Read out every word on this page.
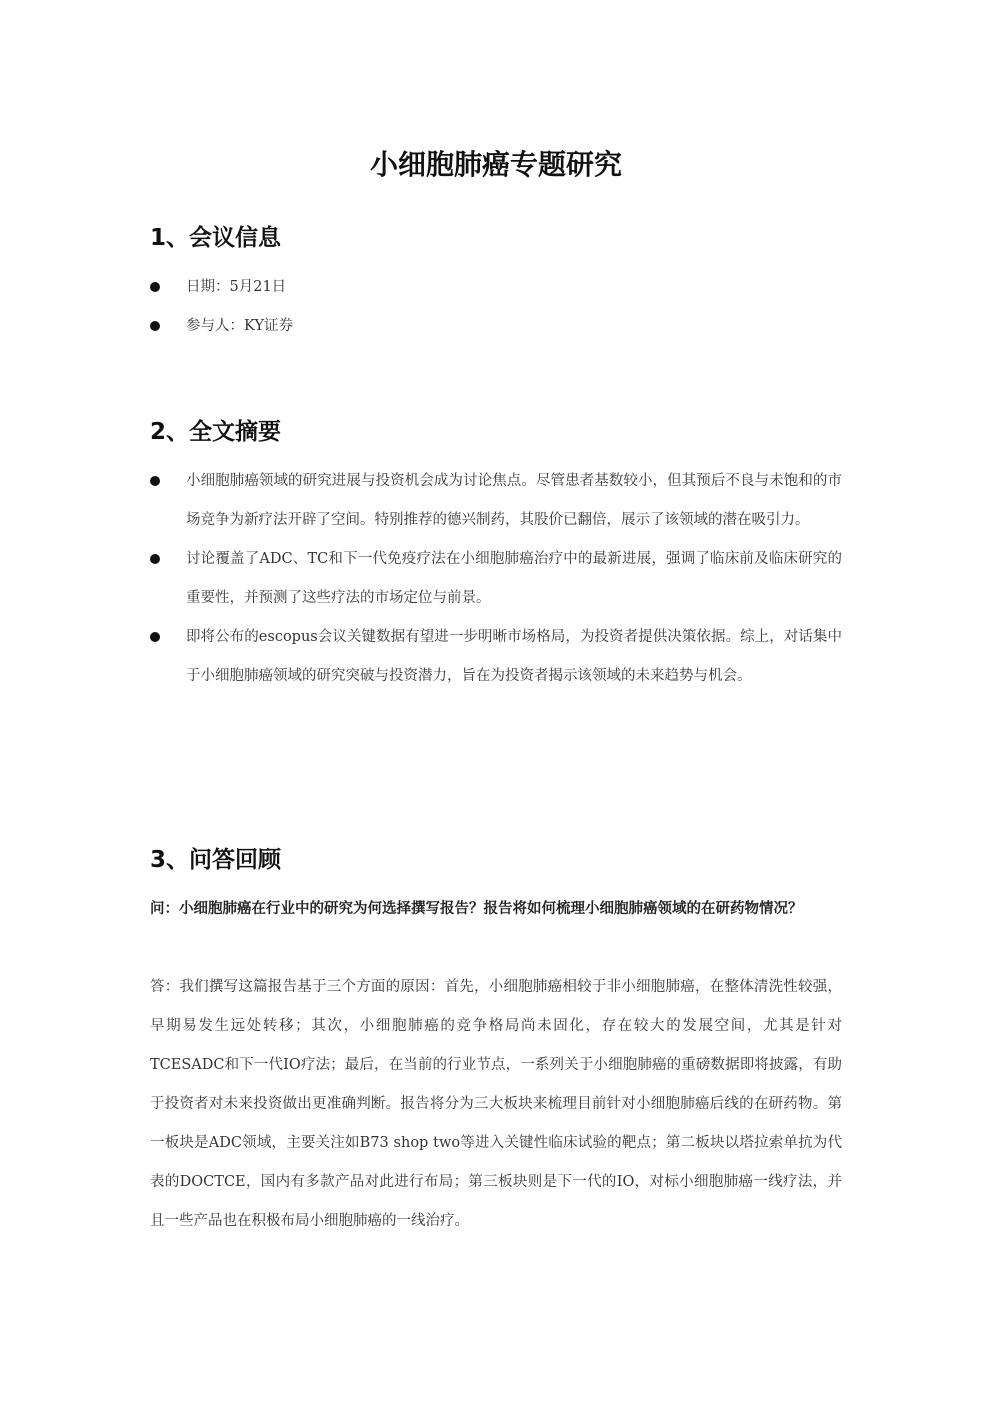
小细胞肺癌专题研究
1、会议信息
日期：5月21日
参与人：KY证券
2、全文摘要
小细胞肺癌领域的研究进展与投资机会成为讨论焦点。尽管患者基数较小，但其预后不良与未饱和的市场竞争为新疗法开辟了空间。特别推荐的德兴制药，其股价已翻倍，展示了该领域的潜在吸引力。
讨论覆盖了ADC、TC和下一代免疫疗法在小细胞肺癌治疗中的最新进展，强调了临床前及临床研究的重要性，并预测了这些疗法的市场定位与前景。
即将公布的escopus会议关键数据有望进一步明晰市场格局，为投资者提供决策依据。综上，对话集中于小细胞肺癌领域的研究突破与投资潜力，旨在为投资者揭示该领域的未来趋势与机会。
3、问答回顾

问：小细胞肺癌在行业中的研究为何选择撰写报告？报告将如何梳理小细胞肺癌领域的在研药物情况？

答：我们撰写这篇报告基于三个方面的原因：首先，小细胞肺癌相较于非小细胞肺癌，在整体清洗性较强，早期易发生远处转移；其次，小细胞肺癌的竞争格局尚未固化，存在较大的发展空间，尤其是针对TCESADC和下一代IO疗法；最后，在当前的行业节点，一系列关于小细胞肺癌的重磅数据即将披露，有助于投资者对未来投资做出更准确判断。报告将分为三大板块来梳理目前针对小细胞肺癌后线的在研药物。第一板块是ADC领域，主要关注如B73 shop two等进入关键性临床试验的靶点；第二板块以塔拉索单抗为代表的DOCTCE，国内有多款产品对此进行布局；第三板块则是下一代的IO，对标小细胞肺癌一线疗法，并且一些产品也在积极布局小细胞肺癌的一线治疗。
